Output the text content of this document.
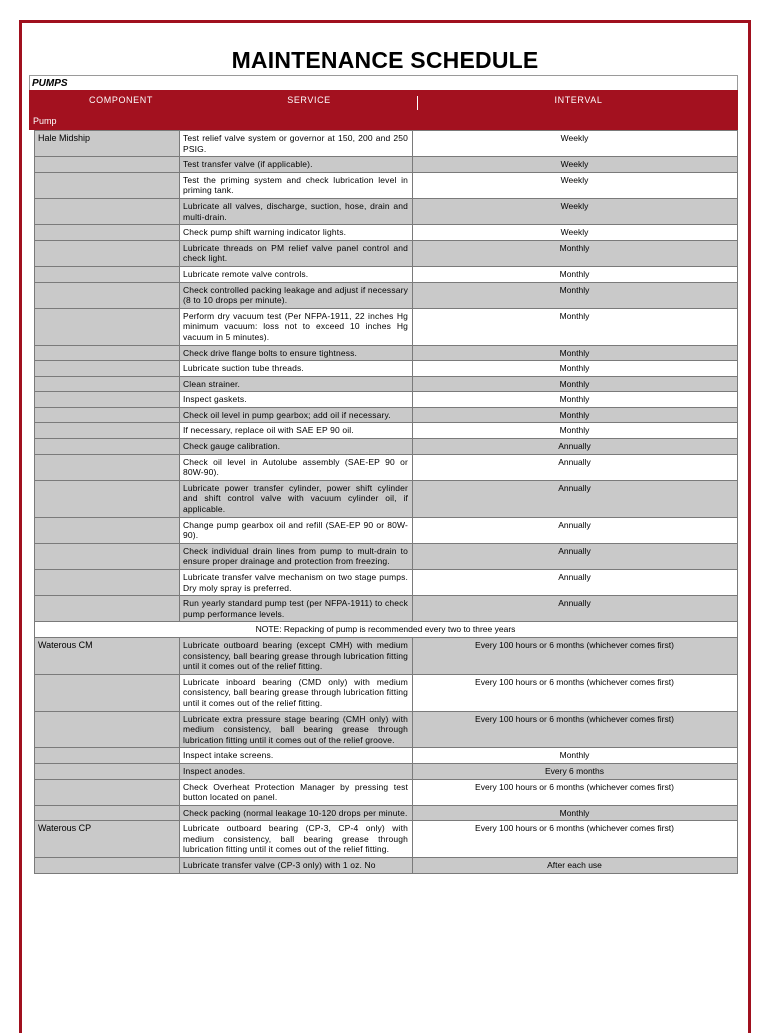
MAINTENANCE SCHEDULE
PUMPS
COMPONENT	SERVICE	INTERVAL
Pump
Hale Midship	Test relief valve system or governor at 150, 200 and 250 PSIG.	Weekly
	Test transfer valve (if applicable).	Weekly
	Test the priming system and check lubrication level in priming tank.	Weekly
	Lubricate all valves, discharge, suction, hose, drain and multi-drain.	Weekly
	Check pump shift warning indicator lights.	Weekly
	Lubricate threads on PM relief valve panel control and check light.	Monthly
	Lubricate remote valve controls.	Monthly
	Check controlled packing leakage and adjust if necessary (8 to 10 drops per minute).	Monthly
	Perform dry vacuum test (Per NFPA-1911, 22 inches Hg minimum vacuum: loss not to exceed 10 inches Hg vacuum in 5 minutes).	Monthly
	Check drive flange bolts to ensure tightness.	Monthly
	Lubricate suction tube threads.	Monthly
	Clean strainer.	Monthly
	Inspect gaskets.	Monthly
	Check oil level in pump gearbox; add oil if necessary.	Monthly
	If necessary, replace oil with SAE EP 90 oil.	Monthly
	Check gauge calibration.	Annually
	Check oil level in Autolube assembly (SAE-EP 90 or 80W-90).	Annually
	Lubricate power transfer cylinder, power shift cylinder and shift control valve with vacuum cylinder oil, if applicable.	Annually
	Change pump gearbox oil and refill (SAE-EP 90 or 80W-90).	Annually
	Check individual drain lines from pump to mult-drain to ensure proper drainage and protection from freezing.	Annually
	Lubricate transfer valve mechanism on two stage pumps. Dry moly spray is preferred.	Annually
	Run yearly standard pump test (per NFPA-1911) to check pump performance levels.	Annually
NOTE: Repacking of pump is recommended every two to three years		
Waterous CM	Lubricate outboard bearing (except CMH) with medium consistency, ball bearing grease through lubrication fitting until it comes out of the relief fitting.	Every 100 hours or 6 months (whichever comes first)
	Lubricate inboard bearing (CMD only) with medium consistency, ball bearing grease through lubrication fitting until it comes out of the relief fitting.	Every 100 hours or 6 months (whichever comes first)
	Lubricate extra pressure stage bearing (CMH only) with medium consistency, ball bearing grease through lubrication fitting until it comes out of the relief groove.	Every 100 hours or 6 months (whichever comes first)
	Inspect intake screens.	Monthly
	Inspect anodes.	Every 6 months
	Check Overheat Protection Manager by pressing test button located on panel.	Every 100 hours or 6 months (whichever comes first)
	Check packing (normal leakage 10-120 drops per minute.	Monthly
Waterous CP	Lubricate outboard bearing (CP-3, CP-4 only) with medium consistency, ball bearing grease through lubrication fitting until it comes out of the relief fitting.	Every 100 hours or 6 months (whichever comes first)
	Lubricate transfer valve (CP-3 only) with 1 oz. No	After each use
